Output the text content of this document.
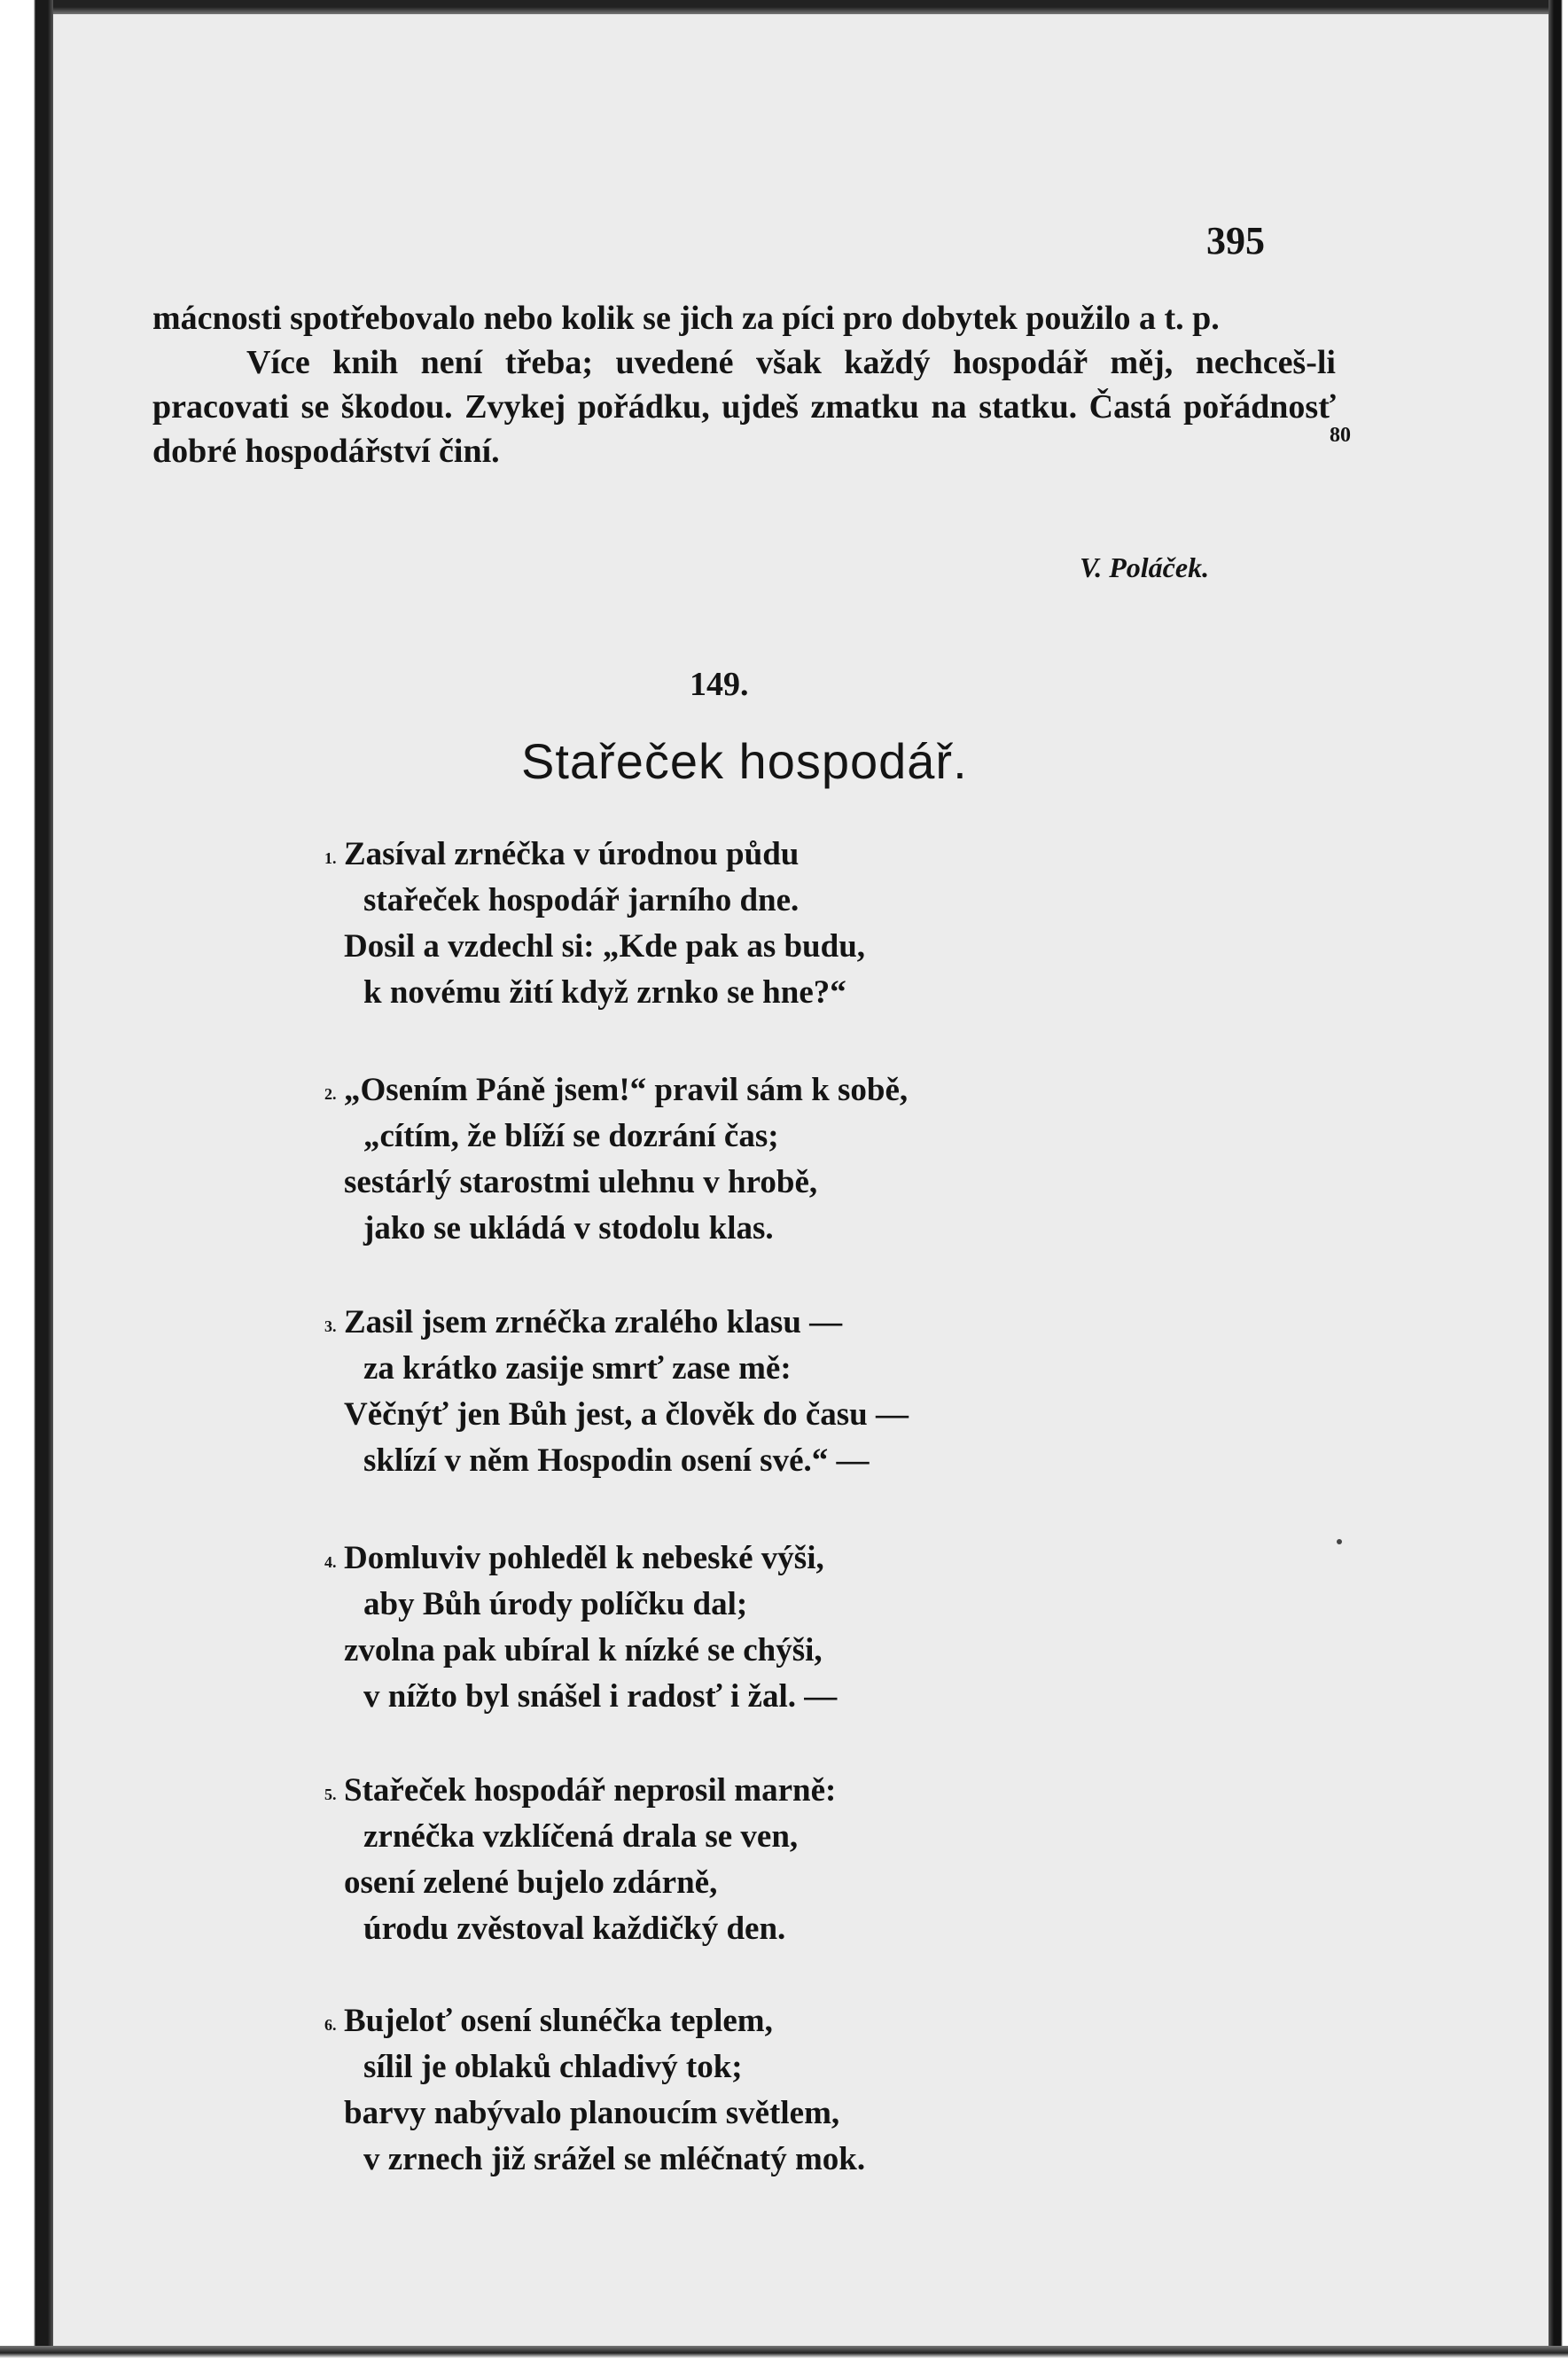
395

mácnosti spotřebovalo nebo kolik se jich za píci pro dobytek použilo a t. p.

Více knih není třeba; uvedené však každý hospodář měj, nechceš-li pracovati se škodou. Zvykej pořádku, ujdeš zmatku na statku. Častá pořádnosť dobré hospodářství činí.	80
V. Poláček.
149.
Stařeček hospodář.
1. Zasíval zrnéčka v úrodnou půdu
stařeček hospodář jarního dne.
Dosil a vzdechl si: „Kde pak as budu,
k novému žití když zrnko se hne?“
2. „Osením Páně jsem!“ pravil sám k sobě,
„cítím, že blíží se dozrání čas;
sestárlý starostmi ulehnu v hrobě,
jako se ukládá v stodolu klas.
3. Zasil jsem zrnéčka zralého klasu —
za krátko zasije smrť zase mě:
Věčnýť jen Bůh jest, a člověk do času —
sklízí v něm Hospodin osení své.“ —
4. Domluviv pohleděl k nebeské výši,
aby Bůh úrody políčku dal;
zvolna pak ubíral k nízké se chýši,
v nížto byl snášel i radosť i žal. —
5. Stařeček hospodář neprosil marně:
zrnéčka vzklíčená drala se ven,
osení zelené bujelo zdárně,
úrodu zvěstoval každičký den.
6. Bujeloť osení slunéčka teplem,
sílil je oblaků chladivý tok;
barvy nabývalo planoucím světlem,
v zrnech již srážel se mléčnatý mok.
